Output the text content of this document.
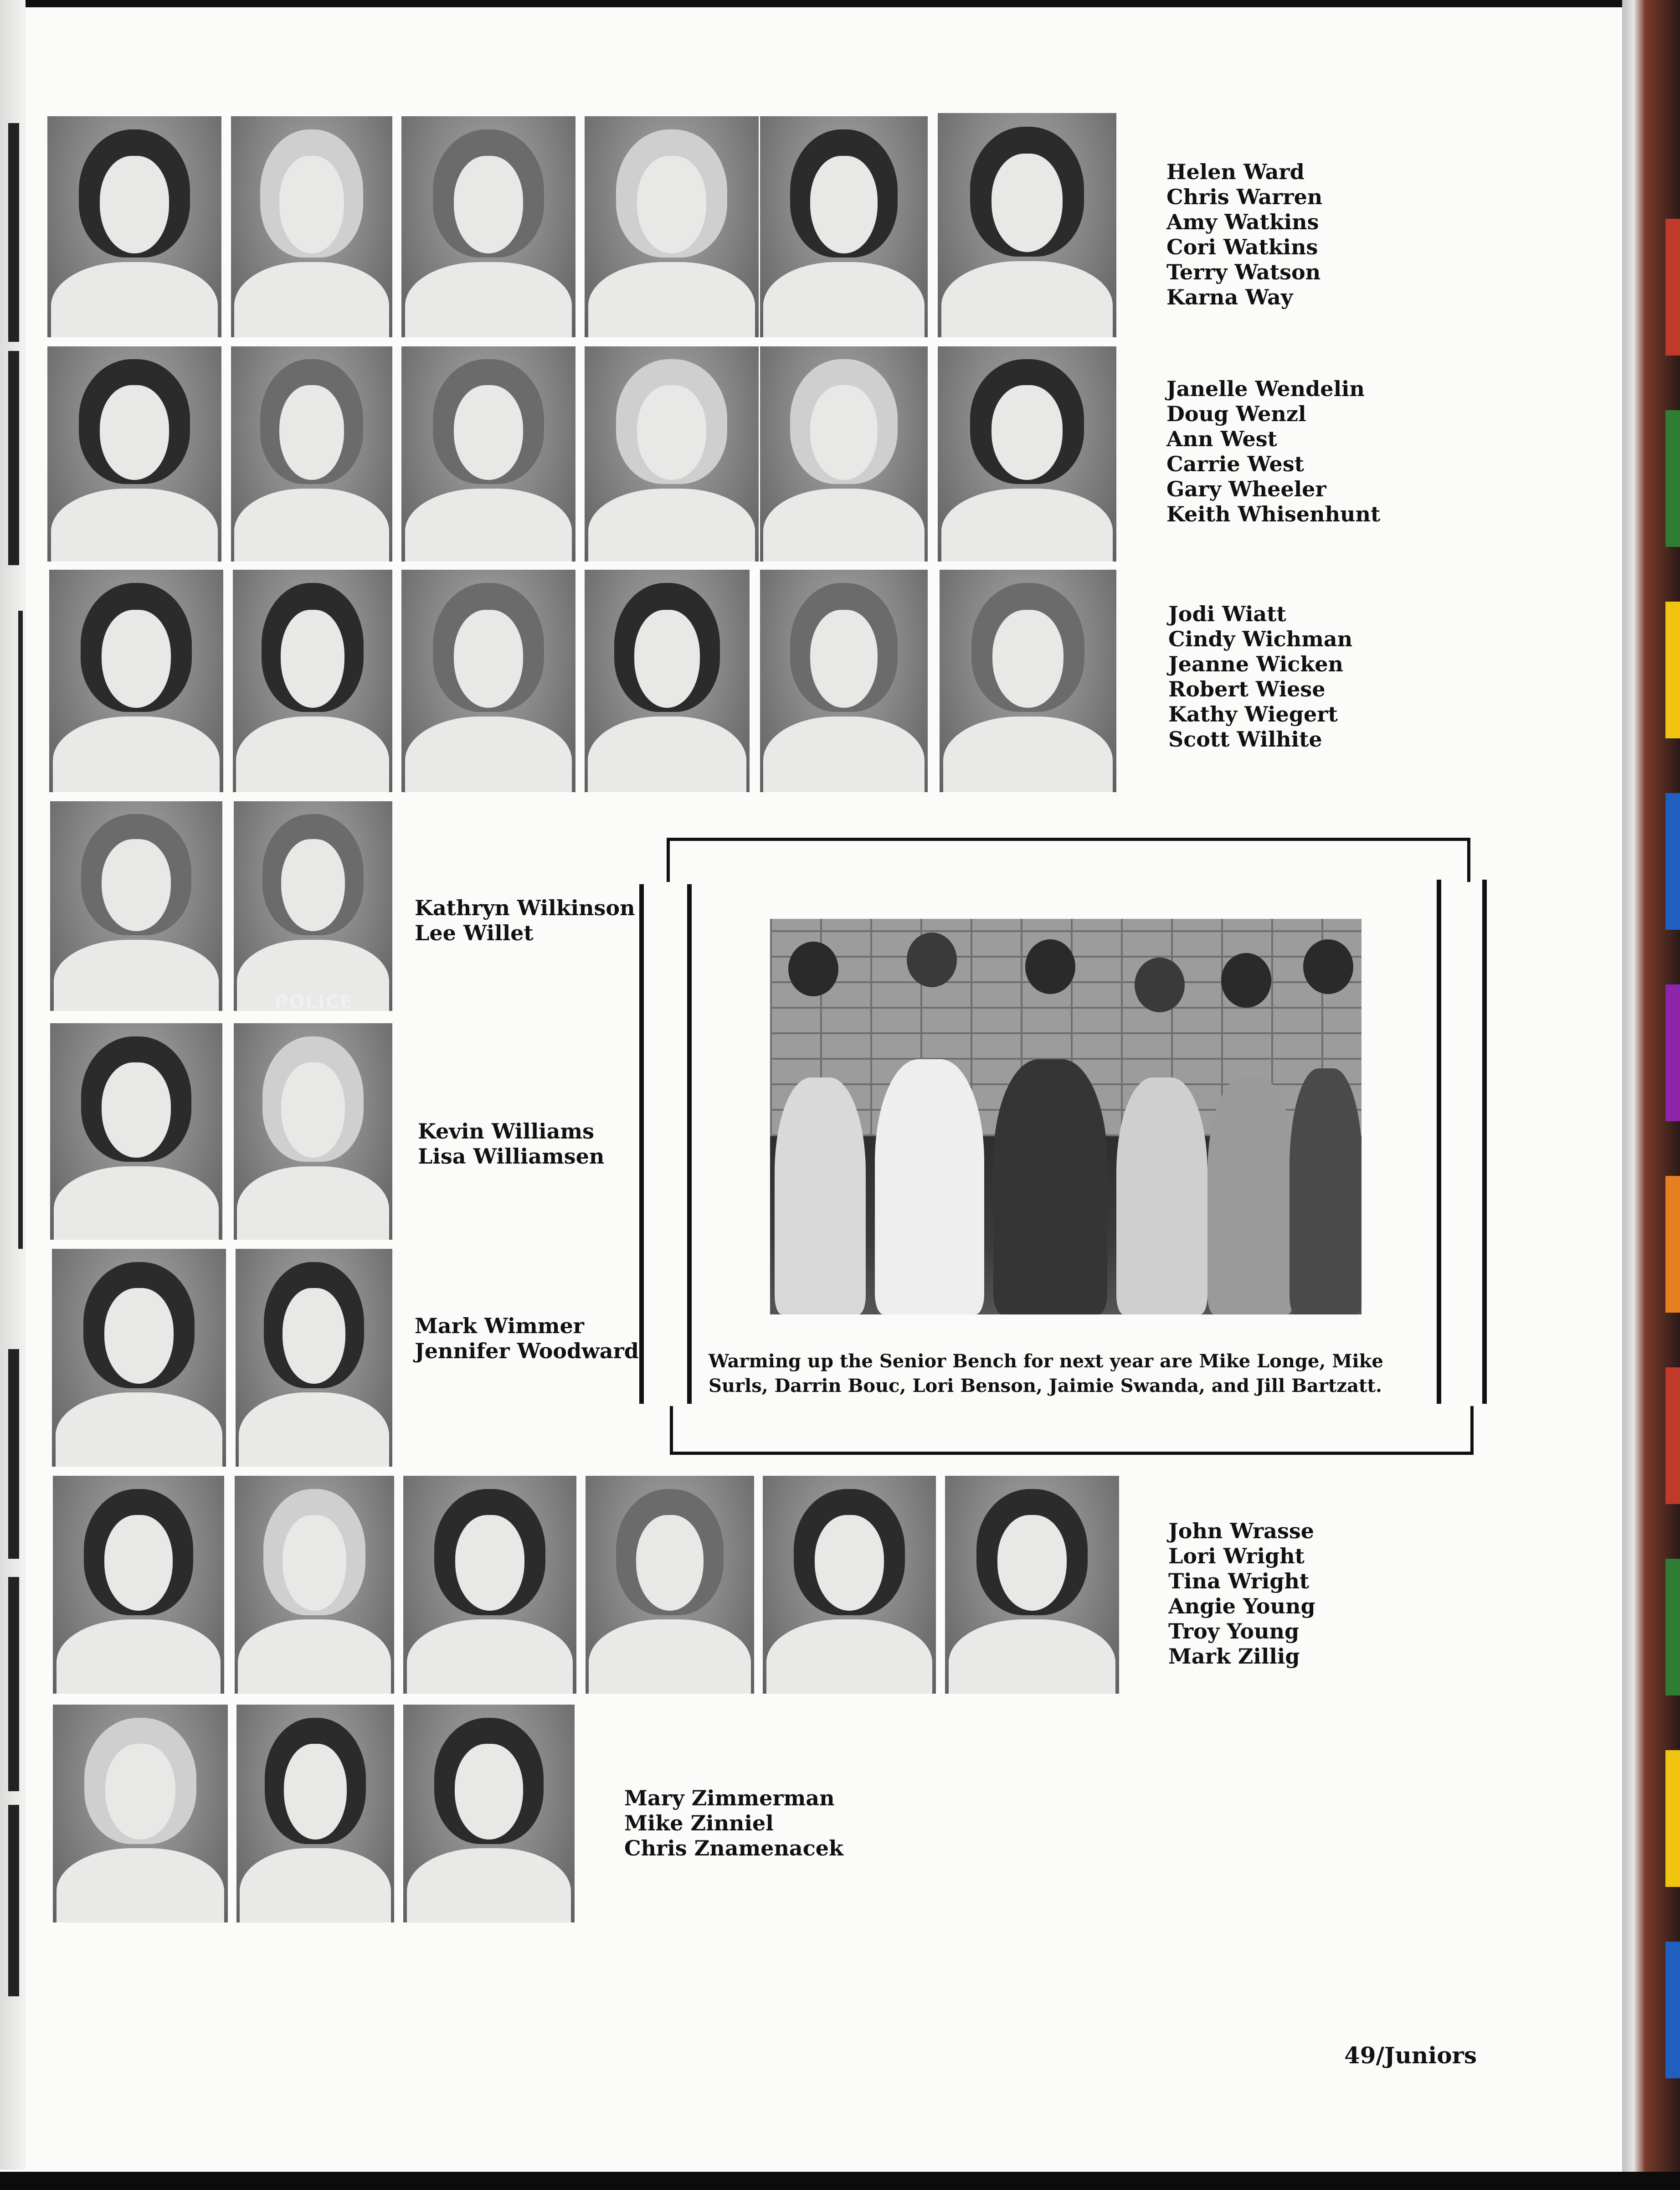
Helen Ward
Chris Warren
Amy Watkins
Cori Watkins
Terry Watson
Karna Way
Janelle Wendelin
Doug Wenzl
Ann West
Carrie West
Gary Wheeler
Keith Whisenhunt
Jodi Wiatt
Cindy Wichman
Jeanne Wicken
Robert Wiese
Kathy Wiegert
Scott Wilhite
POLICE
Kathryn Wilkinson
Lee Willet
Kevin Williams
Lisa Williamsen
Mark Wimmer
Jennifer Woodward	Warming up the Senior Bench for next year are Mike Longe, Mike Surls, Darrin Bouc, Lori Benson, Jaimie Swanda, and Jill Bartzatt.
John Wrasse
Lori Wright
Tina Wright
Angie Young
Troy Young
Mark Zillig
Mary Zimmerman
Mike Zinniel
Chris Znamenacek
49/Juniors
